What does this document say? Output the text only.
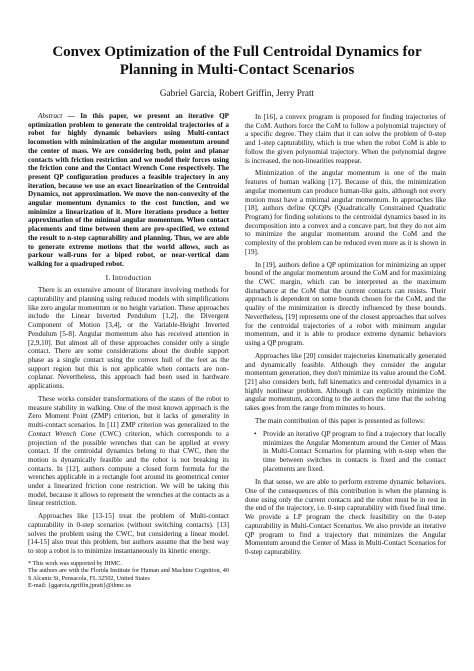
Convex Optimization of the Full Centroidal Dynamics for Planning in Multi-Contact Scenarios
Gabriel Garcia, Robert Griffin, Jerry Pratt

Abstract — In this paper, we present an iterative QP optimization problem to generate the centroidal trajectories of a robot for highly dynamic behaviors using Multi-contact locomotion with minimization of the angular momentum around the center of mass. We are considering both, point and planar contacts with friction restriction and we model their forces using the friction cone and the Contact Wrench Cone respectively. The present QP configuration produces a feasible trajectory in any iteration, because we use an exact linearization of the Centroidal Dynamics, not approximation. We move the non-convexity of the angular momentum dynamics to the cost function, and we minimize a linearization of it. More iterations produce a better approximation of the minimal angular momentum. When contact placements and time between them are pre-specified, we extend the result to n-step capturability and planning. Thus, we are able to generate extreme motions that the world allows, such as parkour wall-runs for a biped robot, or near-vertical dam walking for a quadruped robot.

I. Introduction

There is an extensive amount of literature involving methods for capturability and planning using reduced models with simplifications like zero angular momentum or no height variation. These approaches include the Linear Inverted Pendulum [1,2], the Divergent Component of Motion [3,4], or the Variable-Height Inverted Pendulum [5-8]. Angular momentum also has received attention in [2,9,10]. But almost all of these approaches consider only a single contact. There are some considerations about the double support phase as a single contact using the convex hull of the feet as the support region but this is not applicable when contacts are non-coplanar. Nevertheless, this approach had been used in hardware applications.

These works consider transformations of the states of the robot to measure stability in walking. One of the most known approach is the Zero Moment Point (ZMP) criterion, but it lacks of generality in multi-contact scenarios. In [11] ZMP criterion was generalized to the Contact Wrench Cone (CWC) criterion, which corresponds to a projection of the possible wrenches that can be applied at every contact. If the centroidal dynamics belong to that CWC, then the motion is dynamically feasible and the robot is not breaking its contacts. In [12], authors compute a closed form formula for the wrenches applicable in a rectangle foot around its geometrical center under a linearized friction cone restriction. We will be taking this model, because it allows to represent the wrenches at the contacts as a linear restriction.

Approaches like [13-15] treat the problem of Multi-contact capturability in 0-step scenarios (without switching contacts). [13] solves the problem using the CWC, but considering a linear model. [14-15] also treat this problem, but authors assume that the best way to stop a robot is to minimize instantaneously its kinetic energy.

* This work was supported by IHMC.
The authors are with the Florida Institute for Human and Machine Cognition, 40 S Alcaniz St, Pensacola, FL 32502, United States
E-mail: {ggarcia,rgriffin,jpratt}@ihmc.us

In [16], a convex program is proposed for finding trajectories of the CoM. Authors force the CoM to follow a polynomial trajectory of a specific degree. They claim that it can solve the problem of 0-step and 1-step capturability, which is true when the robot CoM is able to follow the given polynomial trajectory. When the polynomial degree is increased, the non-linearities reappear.

Minimization of the angular momentum is one of the main features of human walking [17]. Because of this, the minimization angular momentum can produce human-like gaits, although not every motion must have a minimal angular momentum. In approaches like [18], authors define QCQPs (Quadratically Constrained Quadratic Program) for finding solutions to the centroidal dynamics based in its decomposition into a convex and a concave part, but they do not aim to minimize the angular momentum around the CoM and the complexity of the problem can be reduced even more as it is shown in [19].

In [19], authors define a QP optimization for minimizing an upper bound of the angular momentum around the CoM and for maximizing the CWC margin, which can be interpreted as the maximum disturbance at the CoM that the current contacts can resists. Their approach is dependent on some bounds chosen for the CoM, and the quality of the minimization is directly influenced by these bounds. Nevertheless, [19] represents one of the closest approaches that solves for the centroidal trajectories of a robot with minimum angular momentum, and it is able to produce extreme dynamic behaviors using a QP program.

Approaches like [20] consider trajectories kinematically generated and dynamically feasible. Although they consider the angular momentum generation, they don't minimize its value around the CoM. [21] also considers both, full kinematics and centroidal dynamics in a highly nonlinear problem. Although it can explicitly minimize the angular momentum, according to the authors the time that the solving takes goes from the range from minutes to hours.

The main contribution of this paper is presented as follows:

• Provide an iterative QP program to find a trajectory that locally minimizes the Angular Momentum around the Center of Mass in Multi-Contact Scenarios for planning with n-step when the time between switches in contacts is fixed and the contact placements are fixed.

In that sense, we are able to perform extreme dynamic behaviors. One of the consequences of this contribution is when the planning is done using only the current contacts and the robot must be in rest in the end of the trajectory, i.e. 0-step capturability with fixed final time. We provide a LP program the check feasibility on the 0-step capturability in Multi-Contact Scenarios. We also provide an iterative QP program to find a trajectory that minimizes the Angular Momentum around the Center of Mass in Multi-Contact Scenarios for 0-step capturability.
